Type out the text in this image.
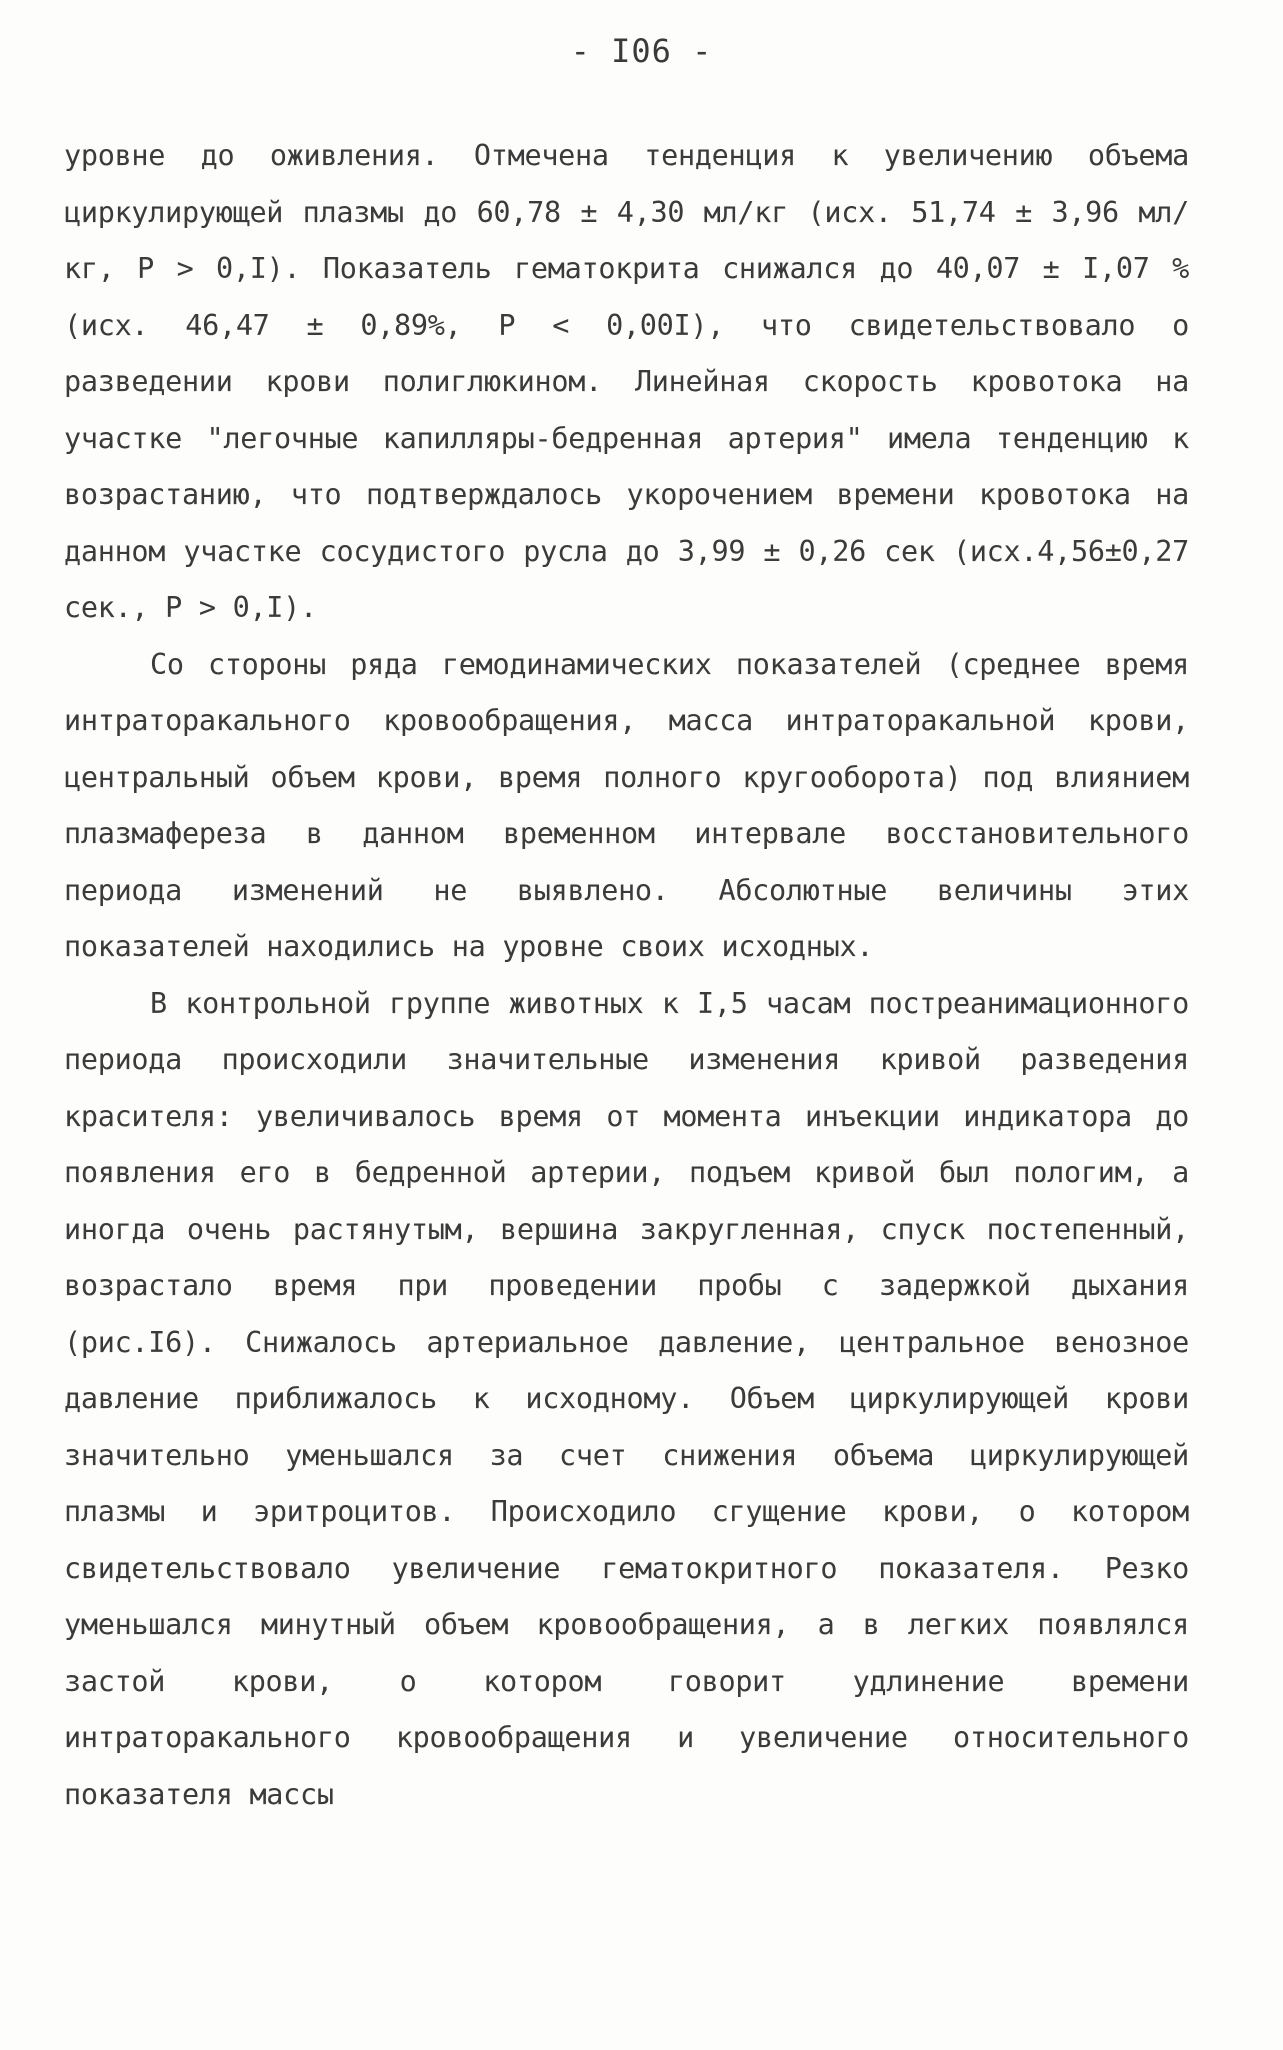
- I06 -

уровне до оживления. Отмечена тенденция к увеличению объема циркулирующей плазмы до 60,78 ± 4,30 мл/кг (исх. 51,74 ± 3,96 мл/кг, P > 0,I). Показатель гематокрита снижался до 40,07 ± I,07 % (исх. 46,47 ± 0,89%, P < 0,00I), что свидетельствовало о разведении крови полиглюкином. Линейная скорость кровотока на участке "легочные капилляры-бедренная артерия" имела тенденцию к возрастанию, что подтверждалось укорочением времени кровотока на данном участке сосудистого русла до 3,99 ± 0,26 сек (исх.4,56±0,27 сек., P > 0,I).

Со стороны ряда гемодинамических показателей (среднее время интраторакального кровообращения, масса интраторакальной крови, центральный объем крови, время полного кругооборота) под влиянием плазмафереза в данном временном интервале восстановительного периода изменений не выявлено. Абсолютные величины этих показателей находились на уровне своих исходных.

В контрольной группе животных к I,5 часам постреанимационного периода происходили значительные изменения кривой разведения красителя: увеличивалось время от момента инъекции индикатора до появления его в бедренной артерии, подъем кривой был пологим, а иногда очень растянутым, вершина закругленная, спуск постепенный, возрастало время при проведении пробы с задержкой дыхания (рис.I6). Снижалось артериальное давление, центральное венозное давление приближалось к исходному. Объем циркулирующей крови значительно уменьшался за счет снижения объема циркулирующей плазмы и эритроцитов. Происходило сгущение крови, о котором свидетельствовало увеличение гематокритного показателя. Резко уменьшался минутный объем кровообращения, а в легких появлялся застой крови, о котором говорит удлинение времени интраторакального кровообращения и увеличение относительного показателя массы
